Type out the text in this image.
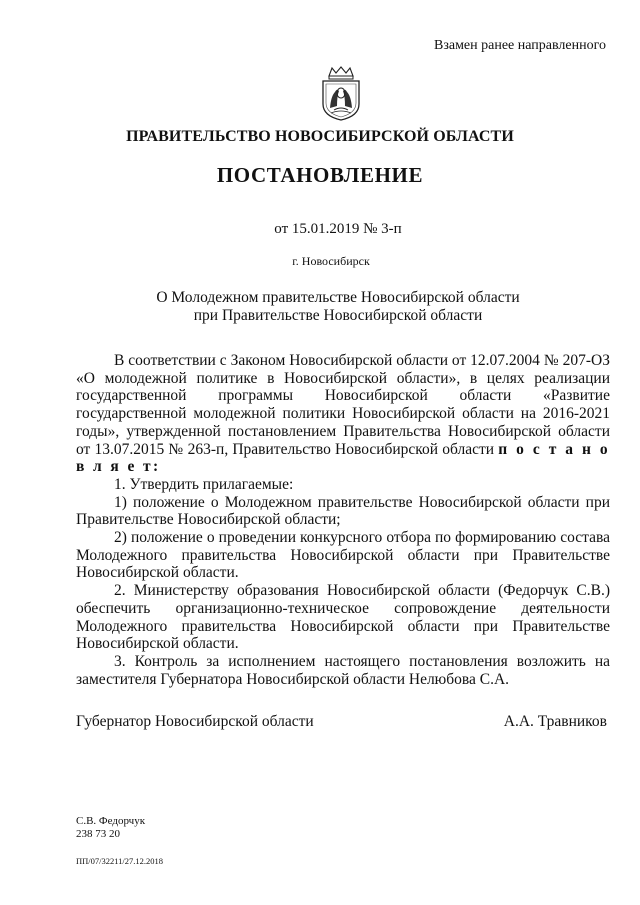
Взамен ранее направленного
ПРАВИТЕЛЬСТВО НОВОСИБИРСКОЙ ОБЛАСТИ
ПОСТАНОВЛЕНИЕ
от 15.01.2019 № 3-п
г. Новосибирск
О Молодежном правительстве Новосибирской области
при Правительстве Новосибирской области

В соответствии с Законом Новосибирской области от 12.07.2004 № 207-ОЗ «О молодежной политике в Новосибирской области», в целях реализации государственной программы Новосибирской области «Развитие государственной молодежной политики Новосибирской области на 2016-2021 годы», утвержденной постановлением Правительства Новосибирской области от 13.07.2015 № 263-п, Правительство Новосибирской области п о с т а н о в л я е т:

1. Утвердить прилагаемые:

1) положение о Молодежном правительстве Новосибирской области при Правительстве Новосибирской области;

2) положение о проведении конкурсного отбора по формированию состава Молодежного правительства Новосибирской области при Правительстве Новосибирской области.

2. Министерству образования Новосибирской области (Федорчук С.В.) обеспечить организационно-техническое сопровождение деятельности Молодежного правительства Новосибирской области при Правительстве Новосибирской области.

3. Контроль за исполнением настоящего постановления возложить на заместителя Губернатора Новосибирской области Нелюбова С.А.

Губернатор Новосибирской области	А.А. Травников
С.В. Федорчук
238 73 20
ПП/07/32211/27.12.2018
